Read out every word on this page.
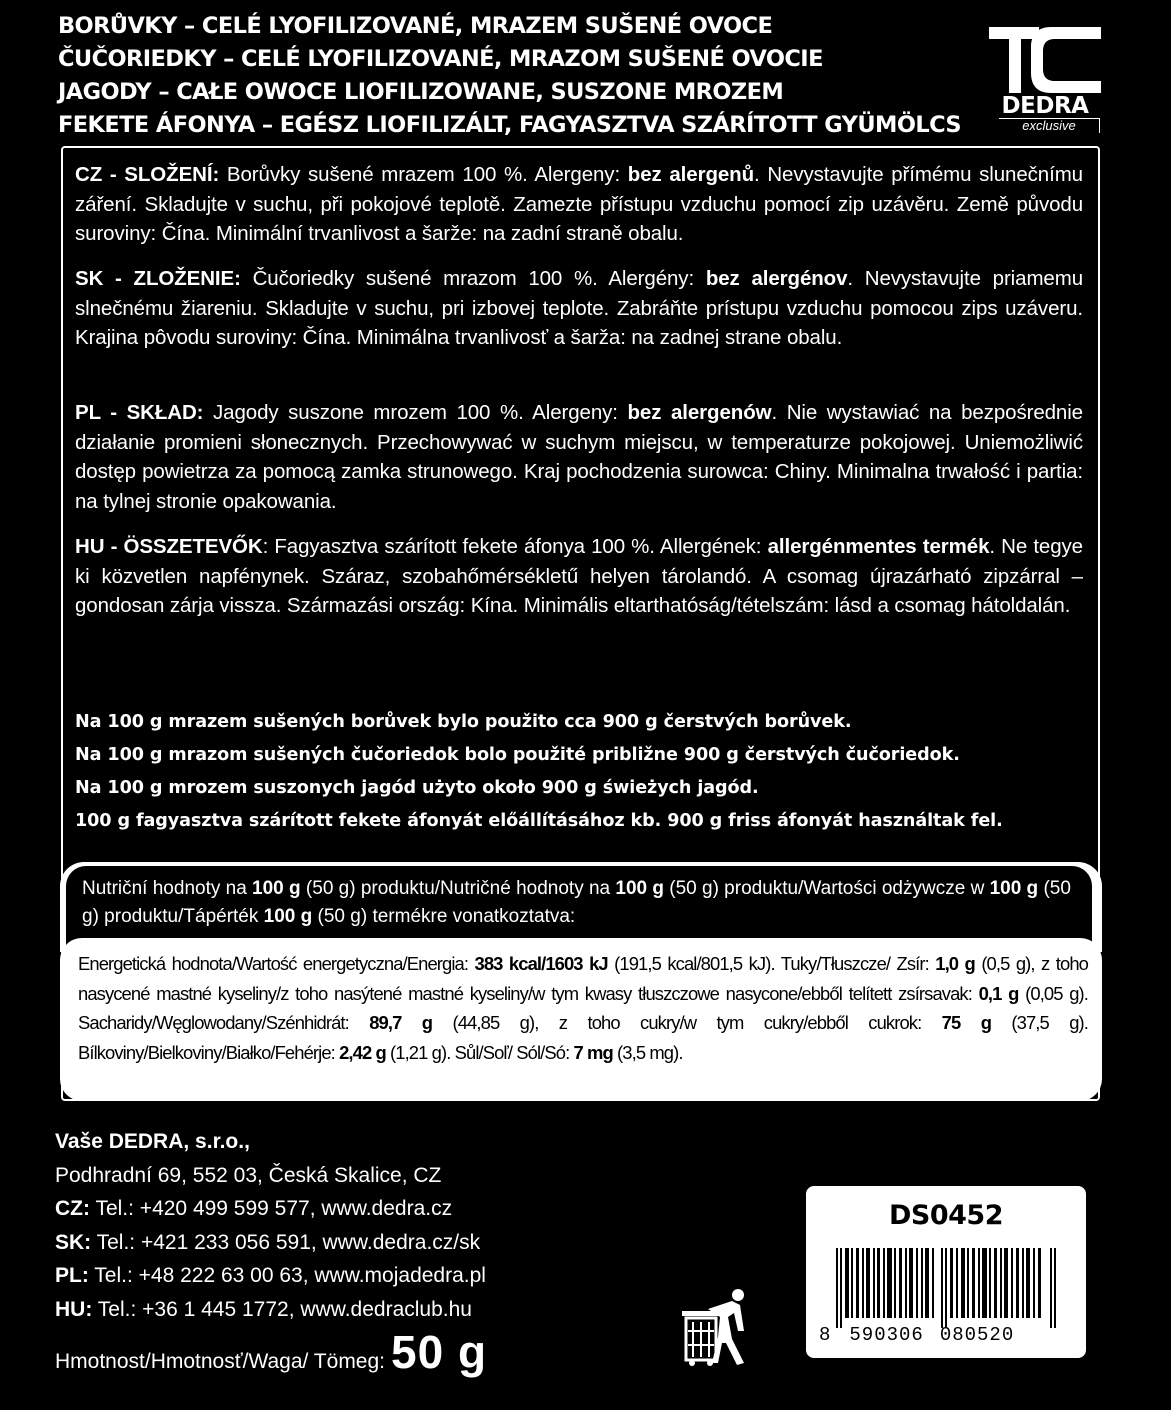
BORŮVKY – CELÉ LYOFILIZOVANÉ, MRAZEM SUŠENÉ OVOCE
ČUČORIEDKY – CELÉ LYOFILIZOVANÉ, MRAZOM SUŠENÉ OVOCIE
JAGODY – CAŁE OWOCE LIOFILIZOWANE, SUSZONE MROZEM
FEKETE ÁFONYA – EGÉSZ LIOFILIZÁLT, FAGYASZTVA SZÁRÍTOTT GYÜMÖLCS
DEDRA
exclusive
CZ - SLOŽENÍ: Borůvky sušené mrazem 100 %. Alergeny: bez alergenů. Nevystavujte přímému slunečnímu záření. Skladujte v suchu, při pokojové teplotě. Zamezte přístupu vzduchu pomocí zip uzávěru. Země původu suroviny: Čína. Minimální trvanlivost a šarže: na zadní straně obalu.
SK - ZLOŽENIE: Čučoriedky sušené mrazom 100 %. Alergény: bez alergénov. Nevystavujte priamemu slnečnému žiareniu. Skladujte v suchu, pri izbovej teplote. Zabráňte prístupu vzduchu pomocou zips uzáveru. Krajina pôvodu suroviny: Čína. Minimálna trvanlivosť a šarža: na zadnej strane obalu.
PL - SKŁAD: Jagody suszone mrozem 100 %. Alergeny: bez alergenów. Nie wystawiać na bezpośrednie działanie promieni słonecznych. Przechowywać w suchym miejscu, w temperaturze pokojowej. Uniemożliwić dostęp powietrza za pomocą zamka strunowego. Kraj pochodzenia surowca: Chiny. Minimalna trwałość i partia: na tylnej stronie opakowania.
HU - ÖSSZETEVŐK: Fagyasztva szárított fekete áfonya 100 %. Allergének: allergénmentes termék. Ne tegye ki közvetlen napfénynek. Száraz, szobahőmérsékletű helyen tárolandó. A csomag újrazárható zipzárral – gondosan zárja vissza. Származási ország: Kína. Minimális eltarthatóság/tételszám: lásd a csomag hátoldalán.
Na 100 g mrazem sušených borůvek bylo použito cca 900 g čerstvých borůvek.
Na 100 g mrazom sušených čučoriedok bolo použité približne 900 g čerstvých čučoriedok.
Na 100 g mrozem suszonych jagód użyto około 900 g świeżych jagód.
100 g fagyasztva szárított fekete áfonyát előállításához kb. 900 g friss áfonyát használtak fel.
Nutriční hodnoty na 100 g (50 g) produktu/Nutričné hodnoty na 100 g (50 g) produktu/Wartości odżywcze w 100 g (50 g) produktu/Tápérték 100 g (50 g) termékre vonatkoztatva:
Energetická hodnota/Wartość energetyczna/Energia: 383 kcal/1603 kJ (191,5 kcal/801,5 kJ). Tuky/Tłuszcze/ Zsír: 1,0 g (0,5 g), z toho nasycené mastné kyseliny/z toho nasýtené mastné kyseliny/w tym kwasy tłuszczowe nasycone/ebből telített zsírsavak: 0,1 g (0,05 g). Sacharidy/Węglowodany/Szénhidrát: 89,7 g (44,85 g), z toho cukry/w tym cukry/ebből cukrok: 75 g (37,5 g). Bílkoviny/Bielkoviny/Białko/Fehérje: 2,42 g (1,21 g). Sůl/Soľ/ Sól/Só: 7 mg (3,5 mg).
Vaše DEDRA, s.r.o.,
Podhradní 69, 552 03, Česká Skalice, CZ
CZ: Tel.: +420 499 599 577, www.dedra.cz
SK: Tel.: +421 233 056 591, www.dedra.cz/sk
PL: Tel.: +48 222 63 00 63, www.mojadedra.pl
HU: Tel.: +36 1 445 1772, www.dedraclub.hu
Hmotnost/Hmotnosť/Waga/ Tömeg: 50 g
DS0452
8 590306 080520
